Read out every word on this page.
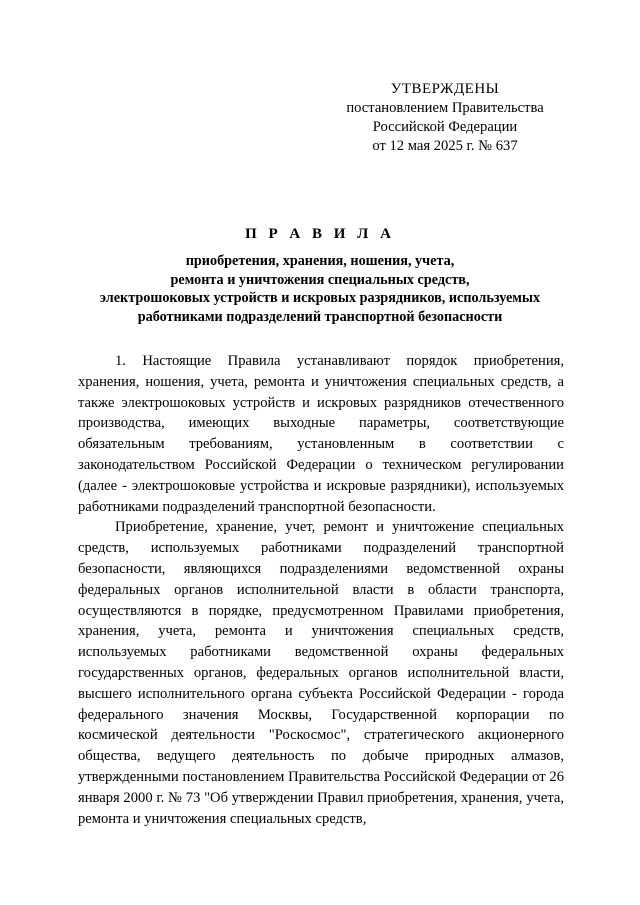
УТВЕРЖДЕНЫ
постановлением Правительства
Российской Федерации
от 12 мая 2025 г. № 637
П Р А В И Л А
приобретения, хранения, ношения, учета,
ремонта и уничтожения специальных средств,
электрошоковых устройств и искровых разрядников, используемых
работниками подразделений транспортной безопасности

1. Настоящие Правила устанавливают порядок приобретения, хранения, ношения, учета, ремонта и уничтожения специальных средств, а также электрошоковых устройств и искровых разрядников отечественного производства, имеющих выходные параметры, соответствующие обязательным требованиям, установленным в соответствии с законодательством Российской Федерации о техническом регулировании (далее - электрошоковые устройства и искровые разрядники), используемых работниками подразделений транспортной безопасности.

Приобретение, хранение, учет, ремонт и уничтожение специальных средств, используемых работниками подразделений транспортной безопасности, являющихся подразделениями ведомственной охраны федеральных органов исполнительной власти в области транспорта, осуществляются в порядке, предусмотренном Правилами приобретения, хранения, учета, ремонта и уничтожения специальных средств, используемых работниками ведомственной охраны федеральных государственных органов, федеральных органов исполнительной власти, высшего исполнительного органа субъекта Российской Федерации - города федерального значения Москвы, Государственной корпорации по космической деятельности "Роскосмос", стратегического акционерного общества, ведущего деятельность по добыче природных алмазов, утвержденными постановлением Правительства Российской Федерации от 26 января 2000 г. № 73 "Об утверждении Правил приобретения, хранения, учета, ремонта и уничтожения специальных средств,
